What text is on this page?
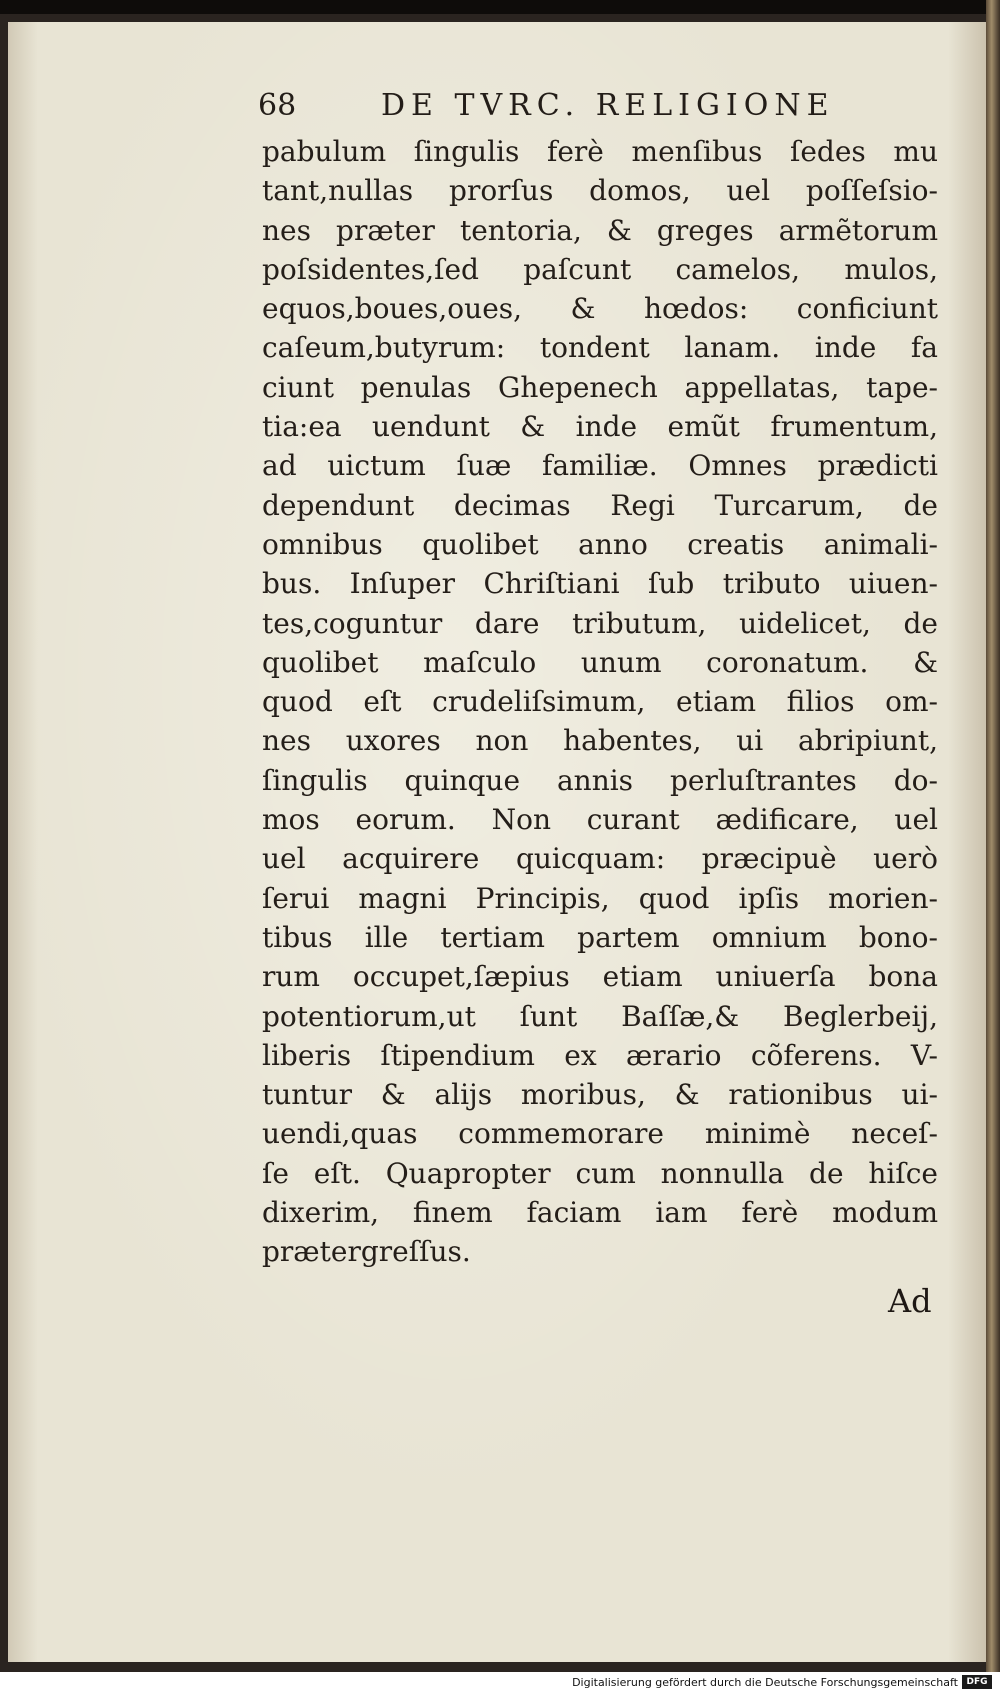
68	DE TVRC. RELIGIONE
pabulum ſingulis ferè menſibus ſedes mu
tant,nullas prorſus domos, uel poſſeſsio-
nes præter tentoria, & greges armẽtorum
poſsidentes,ſed paſcunt camelos, mulos,
equos,boues,oues, & hœdos: conficiunt
caſeum,butyrum: tondent lanam. inde fa
ciunt penulas Ghepenech appellatas, tape-
tia:ea uendunt & inde emũt frumentum,
ad uictum ſuæ familiæ. Omnes prædicti
dependunt decimas Regi Turcarum, de
omnibus quolibet anno creatis animali-
bus. Inſuper Chriſtiani ſub tributo uiuen-
tes,coguntur dare tributum, uidelicet, de
quolibet maſculo unum coronatum. &
quod eſt crudeliſsimum, etiam filios om-
nes uxores non habentes, ui abripiunt,
ſingulis quinque annis perluſtrantes do-
mos eorum. Non curant ædificare, uel
uel acquirere quicquam: præcipuè uerò
ſerui magni Principis, quod ipſis morien-
tibus ille tertiam partem omnium bono-
rum occupet,ſæpius etiam uniuerſa bona
potentiorum,ut ſunt Baſſæ,& Beglerbeij,
liberis ſtipendium ex ærario cõferens. V-
tuntur & alijs moribus, & rationibus ui-
uendi,quas commemorare minimè neceſ-
ſe eſt. Quapropter cum nonnulla de hiſce
dixerim, finem faciam iam ferè modum
prætergreſſus.
Ad
Digitalisierung gefördert durch die Deutsche Forschungsgemeinschaft DFG
